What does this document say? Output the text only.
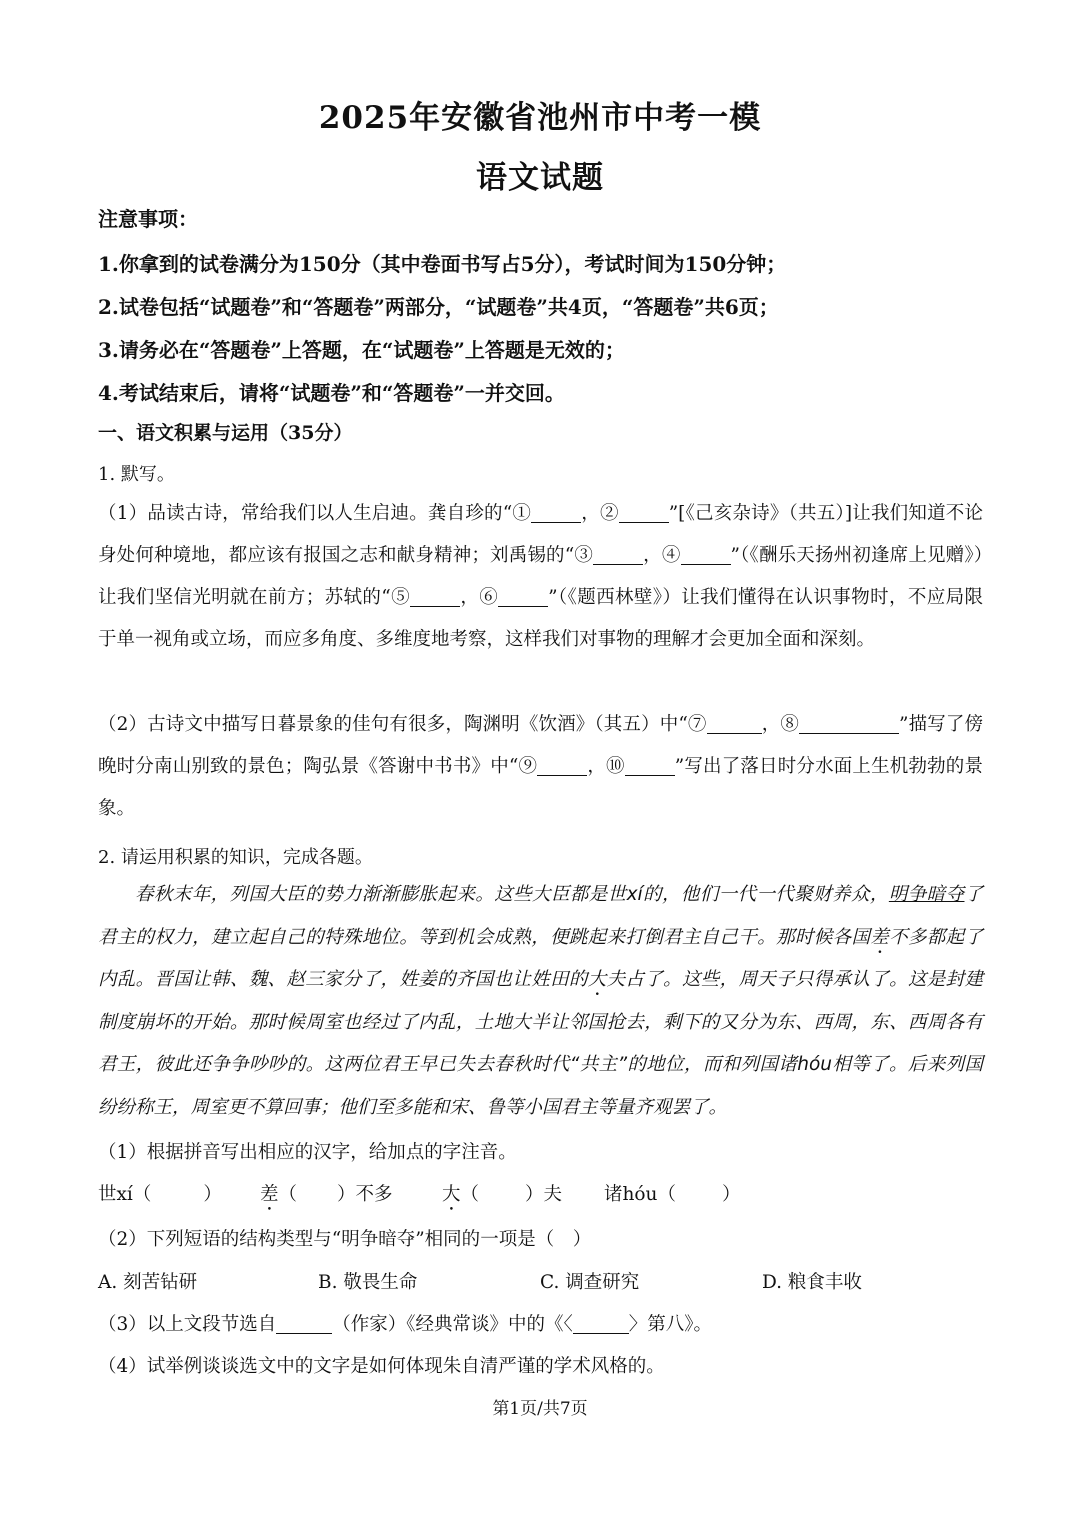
2025年安徽省池州市中考一模
语文试题
注意事项：
1.你拿到的试卷满分为150分（其中卷面书写占5分），考试时间为150分钟；
2.试卷包括“试题卷”和“答题卷”两部分，“试题卷”共4页，“答题卷”共6页；
3.请务必在“答题卷”上答题，在“试题卷”上答题是无效的；
4.考试结束后，请将“试题卷”和“答题卷”一并交回。
一、语文积累与运用（35分）
1. 默写。

（1）品读古诗，常给我们以人生启迪。龚自珍的“①	，②	”[《己亥杂诗》（共五）]让我们知道不论身处何种境地，都应该有报国之志和献身精神；刘禹锡的“③	，④	”（《酬乐天扬州初逢席上见赠》）让我们坚信光明就在前方；苏轼的“⑤	，⑥	”（《题西林壁》）让我们懂得在认识事物时，不应局限于单一视角或立场，而应多角度、多维度地考察，这样我们对事物的理解才会更加全面和深刻。

（2）古诗文中描写日暮景象的佳句有很多，陶渊明《饮酒》（其五）中“⑦	，⑧	”描写了傍晚时分南山别致的景色；陶弘景《答谢中书书》中“⑨	，⑩	”写出了落日时分水面上生机勃勃的景象。

2. 请运用积累的知识，完成各题。

春秋末年，列国大臣的势力渐渐膨胀起来。这些大臣都是世xí的，他们一代一代聚财养众，明争暗夺了君主的权力，建立起自己的特殊地位。等到机会成熟，便跳起来打倒君主自己干。那时候各国差不多都起了内乱。晋国让韩、魏、赵三家分了，姓姜的齐国也让姓田的大夫占了。这些，周天子只得承认了。这是封建制度崩坏的开始。那时候周室也经过了内乱，土地大半让邻国抢去，剩下的又分为东、西周，东、西周各有君王，彼此还争争吵吵的。这两位君王早已失去春秋时代“共主”的地位，而和列国诸hóu相等了。后来列国纷纷称王，周室更不算回事；他们至多能和宋、鲁等小国君主等量齐观罢了。

（1）根据拼音写出相应的汉字，给加点的字注音。
世xí（	） 差（ ）不多	大（ ）夫 诸hóu（ ）
（2）下列短语的结构类型与“明争暗夺”相同的一项是（　）
A. 刻苦钻研	B. 敬畏生命	C. 调查研究	D. 粮食丰收
（3）以上文段节选自	（作家）《经典常谈》中的《〈	〉第八》。
（4）试举例谈谈选文中的文字是如何体现朱自清严谨的学术风格的。
第1页/共7页
